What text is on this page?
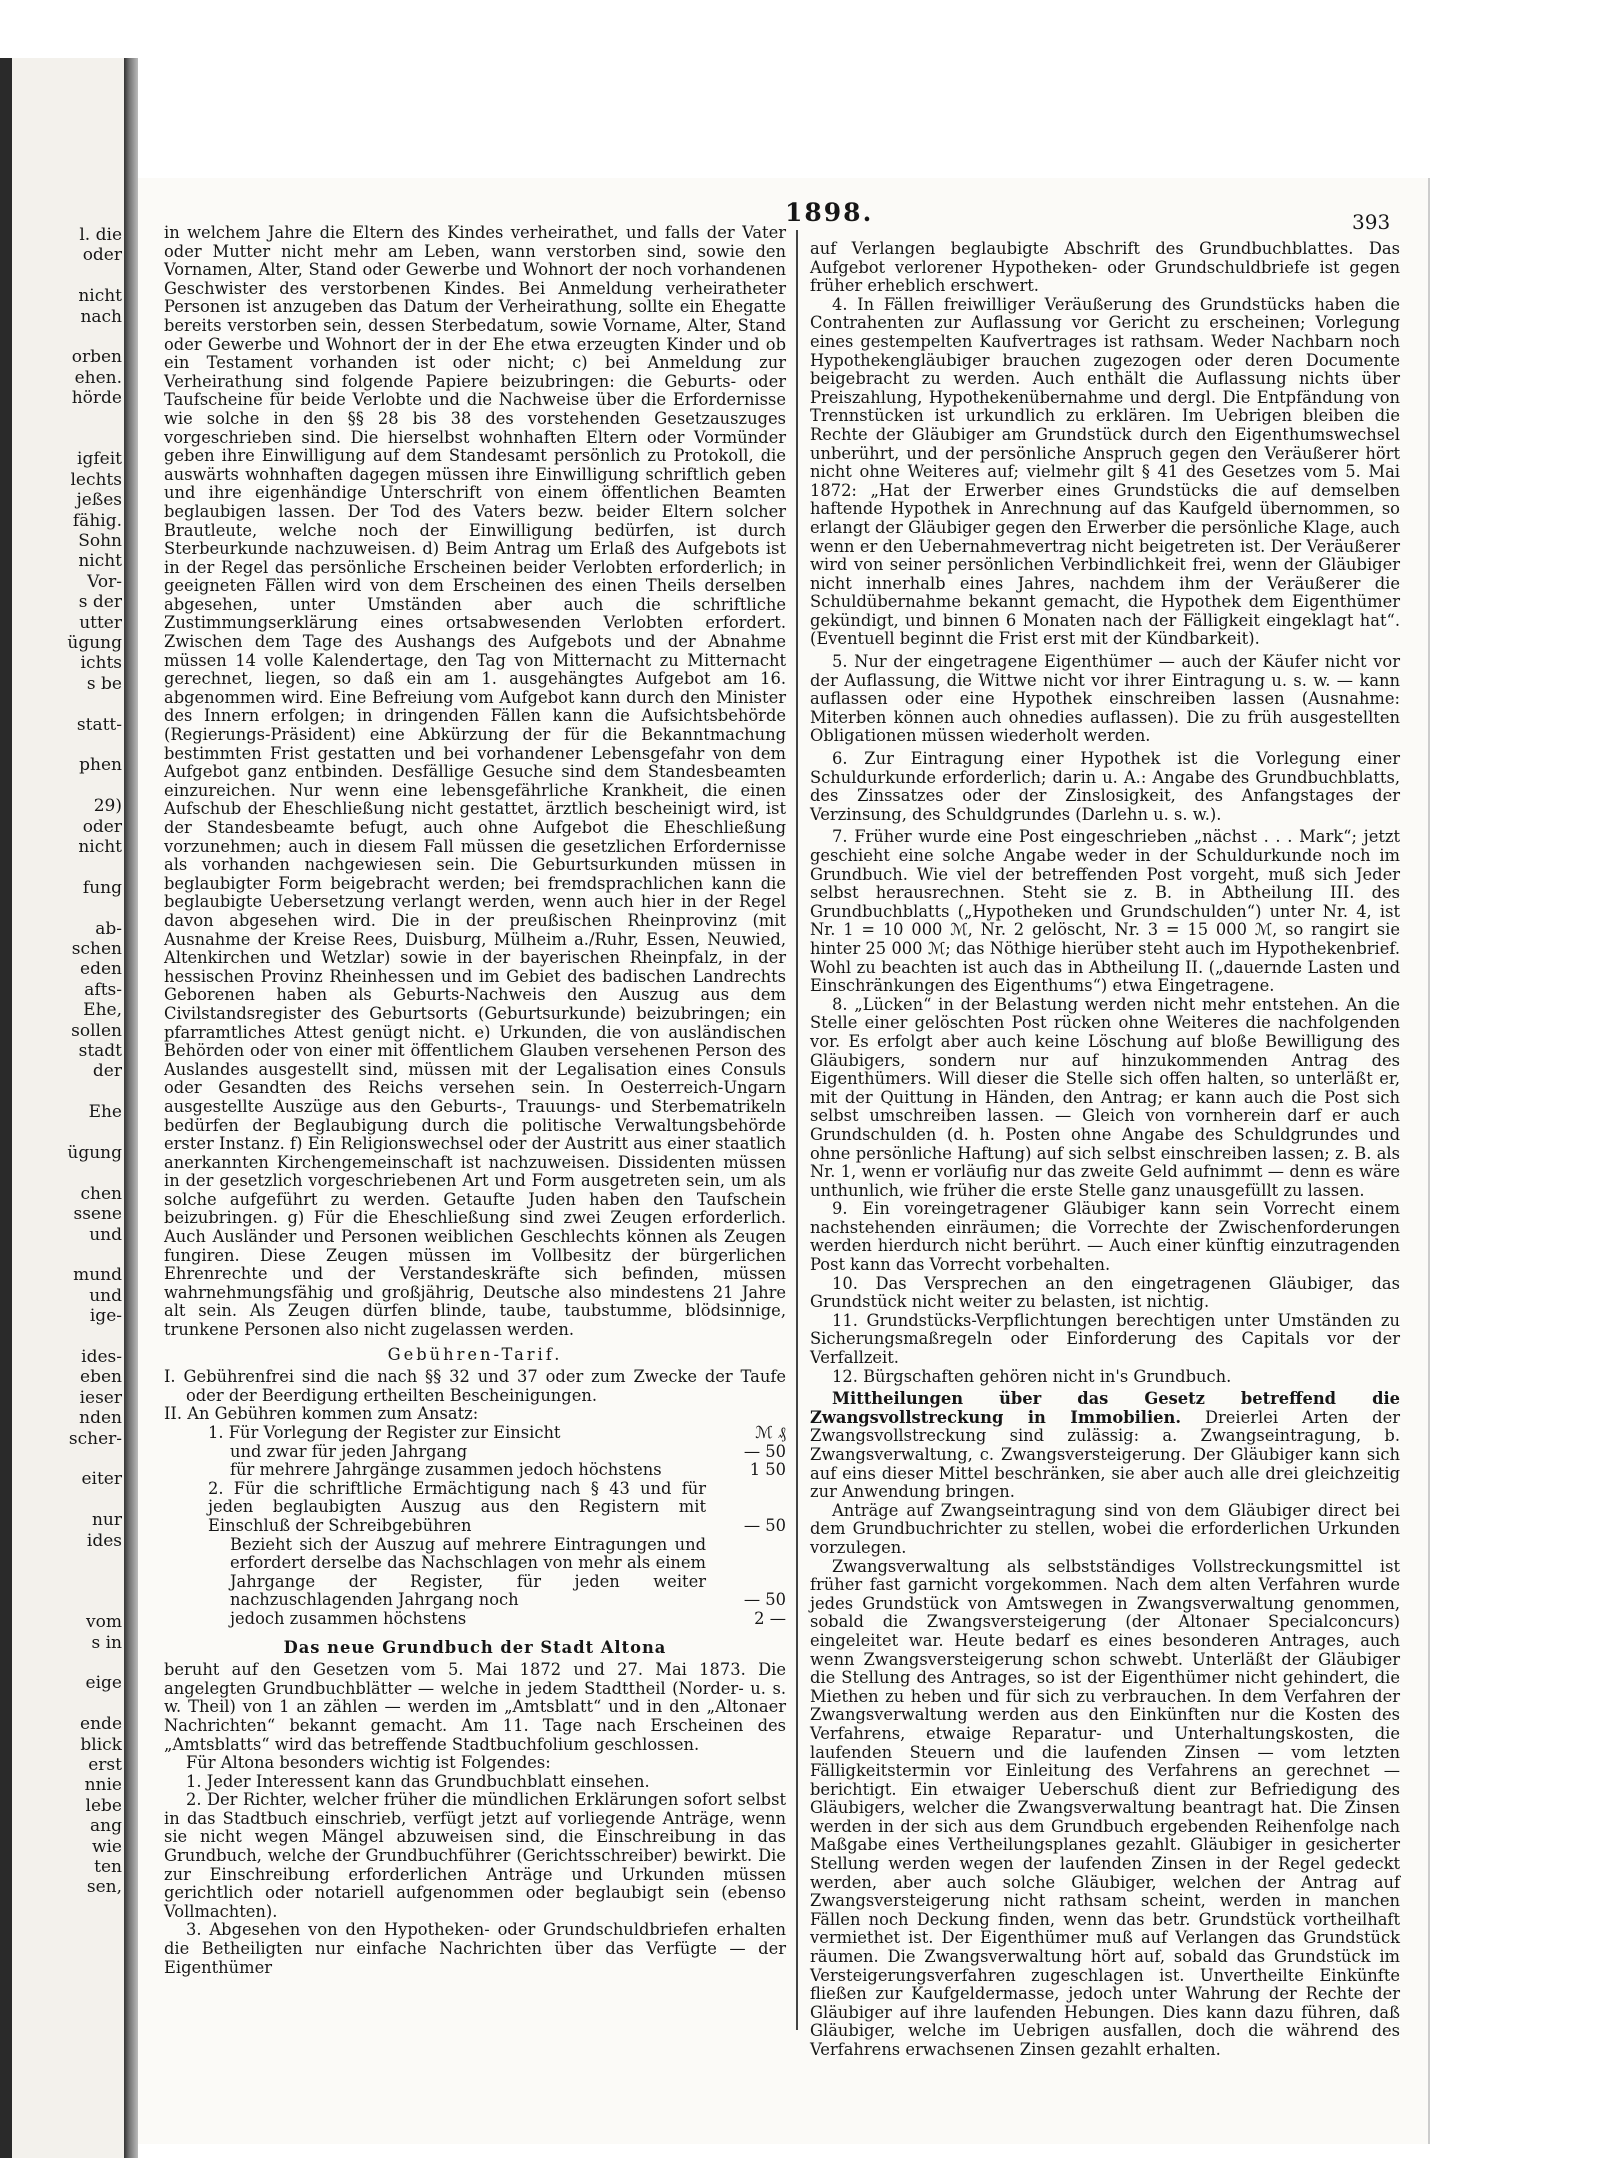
l. die
oder
nicht
nach
orben
ehen.
hörde
igfeit
lechts
jeßes
fähig.
Sohn
nicht
Vor-
s der
utter
ügung
ichts
s be
statt-
phen
29)
oder
nicht
fung
ab-
schen
eden
afts-
Ehe,
sollen
stadt
der
Ehe
ügung
chen
ssene
und
mund
und
ige-
ides-
eben
ieser
nden
scher-
eiter
nur
ides
vom
s in
eige
ende
blick
erst
nnie
lebe
ang
wie
ten
sen,
1898.	393

in welchem Jahre die Eltern des Kindes verheirathet, und falls der Vater oder Mutter nicht mehr am Leben, wann verstorben sind, sowie den Vornamen, Alter, Stand oder Gewerbe und Wohnort der noch vorhandenen Geschwister des verstorbenen Kindes. Bei Anmeldung verheiratheter Personen ist anzugeben das Datum der Verheirathung, sollte ein Ehegatte bereits verstorben sein, dessen Sterbedatum, sowie Vorname, Alter, Stand oder Gewerbe und Wohnort der in der Ehe etwa erzeugten Kinder und ob ein Testament vorhanden ist oder nicht; c) bei Anmeldung zur Verheirathung sind folgende Papiere beizubringen: die Geburts- oder Taufscheine für beide Verlobte und die Nachweise über die Erfordernisse wie solche in den §§ 28 bis 38 des vorstehenden Gesetzauszuges vorgeschrieben sind. Die hierselbst wohnhaften Eltern oder Vormünder geben ihre Einwilligung auf dem Standesamt persönlich zu Protokoll, die auswärts wohnhaften dagegen müssen ihre Einwilligung schriftlich geben und ihre eigenhändige Unterschrift von einem öffentlichen Beamten beglaubigen lassen. Der Tod des Vaters bezw. beider Eltern solcher Brautleute, welche noch der Einwilligung bedürfen, ist durch Sterbeurkunde nachzuweisen. d) Beim Antrag um Erlaß des Aufgebots ist in der Regel das persönliche Erscheinen beider Verlobten erforderlich; in geeigneten Fällen wird von dem Erscheinen des einen Theils derselben abgesehen, unter Umständen aber auch die schriftliche Zustimmungserklärung eines ortsabwesenden Verlobten erfordert. Zwischen dem Tage des Aushangs des Aufgebots und der Abnahme müssen 14 volle Kalendertage, den Tag von Mitternacht zu Mitternacht gerechnet, liegen, so daß ein am 1. ausgehängtes Aufgebot am 16. abgenommen wird. Eine Befreiung vom Aufgebot kann durch den Minister des Innern erfolgen; in dringenden Fällen kann die Aufsichtsbehörde (Regierungs-Präsident) eine Abkürzung der für die Bekanntmachung bestimmten Frist gestatten und bei vorhandener Lebensgefahr von dem Aufgebot ganz entbinden. Desfällige Gesuche sind dem Standesbeamten einzureichen. Nur wenn eine lebensgefährliche Krankheit, die einen Aufschub der Eheschließung nicht gestattet, ärztlich bescheinigt wird, ist der Standesbeamte befugt, auch ohne Aufgebot die Eheschließung vorzunehmen; auch in diesem Fall müssen die gesetzlichen Erfordernisse als vorhanden nachgewiesen sein. Die Geburtsurkunden müssen in beglaubigter Form beigebracht werden; bei fremdsprachlichen kann die beglaubigte Uebersetzung verlangt werden, wenn auch hier in der Regel davon abgesehen wird. Die in der preußischen Rheinprovinz (mit Ausnahme der Kreise Rees, Duisburg, Mülheim a./Ruhr, Essen, Neuwied, Altenkirchen und Wetzlar) sowie in der bayerischen Rheinpfalz, in der hessischen Provinz Rheinhessen und im Gebiet des badischen Landrechts Geborenen haben als Geburts-Nachweis den Auszug aus dem Civilstandsregister des Geburtsorts (Geburtsurkunde) beizubringen; ein pfarramtliches Attest genügt nicht. e) Urkunden, die von ausländischen Behörden oder von einer mit öffentlichem Glauben versehenen Person des Auslandes ausgestellt sind, müssen mit der Legalisation eines Consuls oder Gesandten des Reichs versehen sein. In Oesterreich-Ungarn ausgestellte Auszüge aus den Geburts-, Trauungs- und Sterbematrikeln bedürfen der Beglaubigung durch die politische Verwaltungsbehörde erster Instanz. f) Ein Religionswechsel oder der Austritt aus einer staatlich anerkannten Kirchengemeinschaft ist nachzuweisen. Dissidenten müssen in der gesetzlich vorgeschriebenen Art und Form ausgetreten sein, um als solche aufgeführt zu werden. Getaufte Juden haben den Taufschein beizubringen. g) Für die Eheschließung sind zwei Zeugen erforderlich. Auch Ausländer und Personen weiblichen Geschlechts können als Zeugen fungiren. Diese Zeugen müssen im Vollbesitz der bürgerlichen Ehrenrechte und der Verstandeskräfte sich befinden, müssen wahrnehmungsfähig und großjährig, Deutsche also mindestens 21 Jahre alt sein. Als Zeugen dürfen blinde, taube, taubstumme, blödsinnige, trunkene Personen also nicht zugelassen werden.

Gebühren-Tarif.

I. Gebührenfrei sind die nach §§ 32 und 37 oder zum Zwecke der Taufe oder der Beerdigung ertheilten Bescheinigungen.

II. An Gebühren kommen zum Ansatz:

1. Für Vorlegung der Register zur Einsicht	ℳ ₰
und zwar für jeden Jahrgang	— 50
für mehrere Jahrgänge zusammen jedoch höchstens	1 50
2. Für die schriftliche Ermächtigung nach § 43 und für jeden beglaubigten Auszug aus den Registern mit Einschluß der Schreibgebühren	— 50
Bezieht sich der Auszug auf mehrere Eintragungen und erfordert derselbe das Nachschlagen von mehr als einem Jahrgange der Register, für jeden weiter nachzuschlagenden Jahrgang noch	— 50
jedoch zusammen höchstens	2 —

Das neue Grundbuch der Stadt Altona

beruht auf den Gesetzen vom 5. Mai 1872 und 27. Mai 1873. Die angelegten Grundbuchblätter — welche in jedem Stadttheil (Norder- u. s. w. Theil) von 1 an zählen — werden im „Amtsblatt“ und in den „Altonaer Nachrichten“ bekannt gemacht. Am 11. Tage nach Erscheinen des „Amtsblatts“ wird das betreffende Stadtbuchfolium geschlossen.

Für Altona besonders wichtig ist Folgendes:

1. Jeder Interessent kann das Grundbuchblatt einsehen.

2. Der Richter, welcher früher die mündlichen Erklärungen sofort selbst in das Stadtbuch einschrieb, verfügt jetzt auf vorliegende Anträge, wenn sie nicht wegen Mängel abzuweisen sind, die Einschreibung in das Grundbuch, welche der Grundbuchführer (Gerichtsschreiber) bewirkt. Die zur Einschreibung erforderlichen Anträge und Urkunden müssen gerichtlich oder notariell aufgenommen oder beglaubigt sein (ebenso Vollmachten).

3. Abgesehen von den Hypotheken- oder Grundschuldbriefen erhalten die Betheiligten nur einfache Nachrichten über das Verfügte — der Eigenthümer

auf Verlangen beglaubigte Abschrift des Grundbuchblattes. Das Aufgebot verlorener Hypotheken- oder Grundschuldbriefe ist gegen früher erheblich erschwert.

4. In Fällen freiwilliger Veräußerung des Grundstücks haben die Contrahenten zur Auflassung vor Gericht zu erscheinen; Vorlegung eines gestempelten Kaufvertrages ist rathsam. Weder Nachbarn noch Hypothekengläubiger brauchen zugezogen oder deren Documente beigebracht zu werden. Auch enthält die Auflassung nichts über Preiszahlung, Hypothekenübernahme und dergl. Die Entpfändung von Trennstücken ist urkundlich zu erklären. Im Uebrigen bleiben die Rechte der Gläubiger am Grundstück durch den Eigenthumswechsel unberührt, und der persönliche Anspruch gegen den Veräußerer hört nicht ohne Weiteres auf; vielmehr gilt § 41 des Gesetzes vom 5. Mai 1872: „Hat der Erwerber eines Grundstücks die auf demselben haftende Hypothek in Anrechnung auf das Kaufgeld übernommen, so erlangt der Gläubiger gegen den Erwerber die persönliche Klage, auch wenn er den Uebernahmevertrag nicht beigetreten ist. Der Veräußerer wird von seiner persönlichen Verbindlichkeit frei, wenn der Gläubiger nicht innerhalb eines Jahres, nachdem ihm der Veräußerer die Schuldübernahme bekannt gemacht, die Hypothek dem Eigenthümer gekündigt, und binnen 6 Monaten nach der Fälligkeit eingeklagt hat“. (Eventuell beginnt die Frist erst mit der Kündbarkeit).

5. Nur der eingetragene Eigenthümer — auch der Käufer nicht vor der Auflassung, die Wittwe nicht vor ihrer Eintragung u. s. w. — kann auflassen oder eine Hypothek einschreiben lassen (Ausnahme: Miterben können auch ohnedies auflassen). Die zu früh ausgestellten Obligationen müssen wiederholt werden.

6. Zur Eintragung einer Hypothek ist die Vorlegung einer Schuldurkunde erforderlich; darin u. A.: Angabe des Grundbuchblatts, des Zinssatzes oder der Zinslosigkeit, des Anfangstages der Verzinsung, des Schuldgrundes (Darlehn u. s. w.).

7. Früher wurde eine Post eingeschrieben „nächst . . . Mark“; jetzt geschieht eine solche Angabe weder in der Schuldurkunde noch im Grundbuch. Wie viel der betreffenden Post vorgeht, muß sich Jeder selbst herausrechnen. Steht sie z. B. in Abtheilung III. des Grundbuchblatts („Hypotheken und Grundschulden“) unter Nr. 4, ist Nr. 1 = 10 000 ℳ, Nr. 2 gelöscht, Nr. 3 = 15 000 ℳ, so rangirt sie hinter 25 000 ℳ; das Nöthige hierüber steht auch im Hypothekenbrief. Wohl zu beachten ist auch das in Abtheilung II. („dauernde Lasten und Einschränkungen des Eigenthums“) etwa Eingetragene.

8. „Lücken“ in der Belastung werden nicht mehr entstehen. An die Stelle einer gelöschten Post rücken ohne Weiteres die nachfolgenden vor. Es erfolgt aber auch keine Löschung auf bloße Bewilligung des Gläubigers, sondern nur auf hinzukommenden Antrag des Eigenthümers. Will dieser die Stelle sich offen halten, so unterläßt er, mit der Quittung in Händen, den Antrag; er kann auch die Post sich selbst umschreiben lassen. — Gleich von vornherein darf er auch Grundschulden (d. h. Posten ohne Angabe des Schuldgrundes und ohne persönliche Haftung) auf sich selbst einschreiben lassen; z. B. als Nr. 1, wenn er vorläufig nur das zweite Geld aufnimmt — denn es wäre unthunlich, wie früher die erste Stelle ganz unausgefüllt zu lassen.

9. Ein voreingetragener Gläubiger kann sein Vorrecht einem nachstehenden einräumen; die Vorrechte der Zwischenforderungen werden hierdurch nicht berührt. — Auch einer künftig einzutragenden Post kann das Vorrecht vorbehalten.

10. Das Versprechen an den eingetragenen Gläubiger, das Grundstück nicht weiter zu belasten, ist nichtig.

11. Grundstücks-Verpflichtungen berechtigen unter Umständen zu Sicherungsmaßregeln oder Einforderung des Capitals vor der Verfallzeit.

12. Bürgschaften gehören nicht in's Grundbuch.

Mittheilungen über das Gesetz betreffend die Zwangsvollstreckung in Immobilien. Dreierlei Arten der Zwangsvollstreckung sind zulässig: a. Zwangseintragung, b. Zwangsverwaltung, c. Zwangsversteigerung. Der Gläubiger kann sich auf eins dieser Mittel beschränken, sie aber auch alle drei gleichzeitig zur Anwendung bringen.

Anträge auf Zwangseintragung sind von dem Gläubiger direct bei dem Grundbuchrichter zu stellen, wobei die erforderlichen Urkunden vorzulegen.

Zwangsverwaltung als selbstständiges Vollstreckungsmittel ist früher fast garnicht vorgekommen. Nach dem alten Verfahren wurde jedes Grundstück von Amtswegen in Zwangsverwaltung genommen, sobald die Zwangsversteigerung (der Altonaer Specialconcurs) eingeleitet war. Heute bedarf es eines besonderen Antrages, auch wenn Zwangsversteigerung schon schwebt. Unterläßt der Gläubiger die Stellung des Antrages, so ist der Eigenthümer nicht gehindert, die Miethen zu heben und für sich zu verbrauchen. In dem Verfahren der Zwangsverwaltung werden aus den Einkünften nur die Kosten des Verfahrens, etwaige Reparatur- und Unterhaltungskosten, die laufenden Steuern und die laufenden Zinsen — vom letzten Fälligkeitstermin vor Einleitung des Verfahrens an gerechnet — berichtigt. Ein etwaiger Ueberschuß dient zur Befriedigung des Gläubigers, welcher die Zwangsverwaltung beantragt hat. Die Zinsen werden in der sich aus dem Grundbuch ergebenden Reihenfolge nach Maßgabe eines Vertheilungsplanes gezahlt. Gläubiger in gesicherter Stellung werden wegen der laufenden Zinsen in der Regel gedeckt werden, aber auch solche Gläubiger, welchen der Antrag auf Zwangsversteigerung nicht rathsam scheint, werden in manchen Fällen noch Deckung finden, wenn das betr. Grundstück vortheilhaft vermiethet ist. Der Eigenthümer muß auf Verlangen das Grundstück räumen. Die Zwangsverwaltung hört auf, sobald das Grundstück im Versteigerungsverfahren zugeschlagen ist. Unvertheilte Einkünfte fließen zur Kaufgeldermasse, jedoch unter Wahrung der Rechte der Gläubiger auf ihre laufenden Hebungen. Dies kann dazu führen, daß Gläubiger, welche im Uebrigen ausfallen, doch die während des Verfahrens erwachsenen Zinsen gezahlt erhalten.
